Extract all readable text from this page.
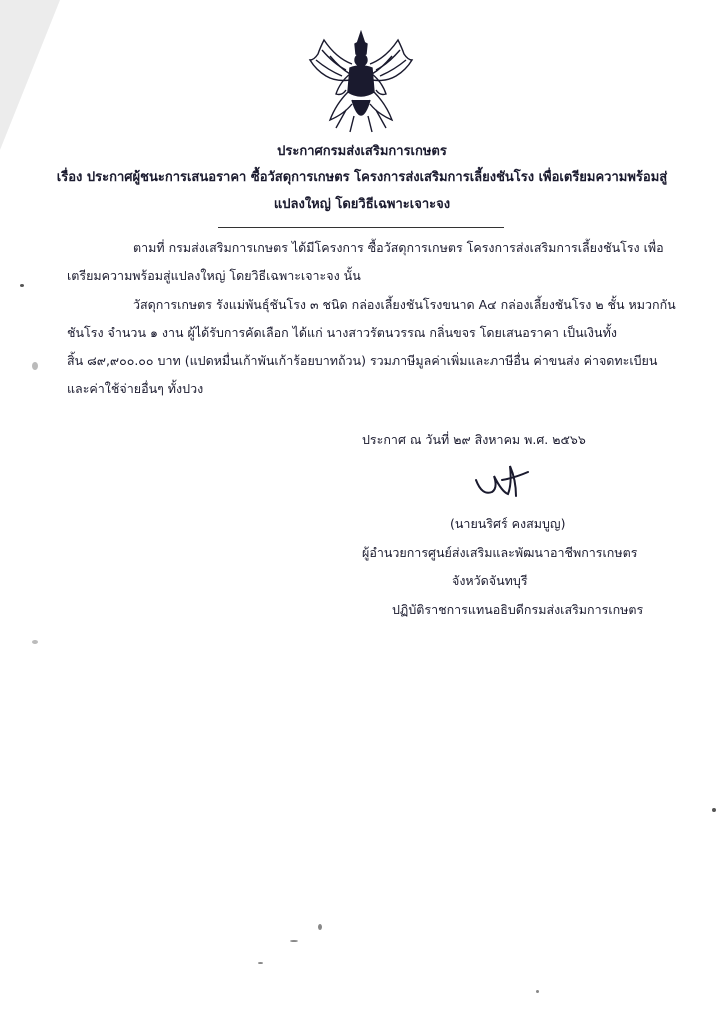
ประกาศกรมส่งเสริมการเกษตร
เรื่อง ประกาศผู้ชนะการเสนอราคา ซื้อวัสดุการเกษตร โครงการส่งเสริมการเลี้ยงชันโรง เพื่อเตรียมความพร้อมสู่
แปลงใหญ่ โดยวิธีเฉพาะเจาะจง
ตามที่ กรมส่งเสริมการเกษตร ได้มีโครงการ ซื้อวัสดุการเกษตร โครงการส่งเสริมการเลี้ยงชันโรง เพื่อ
เตรียมความพร้อมสู่แปลงใหญ่ โดยวิธีเฉพาะเจาะจง นั้น
วัสดุการเกษตร รังแม่พันธุ์ชันโรง ๓ ชนิด กล่องเลี้ยงชันโรงขนาด A๔ กล่องเลี้ยงชันโรง ๒ ชั้น หมวกกัน
ชันโรง จำนวน ๑ งาน ผู้ได้รับการคัดเลือก ได้แก่ นางสาวรัตนวรรณ กลิ่นขจร โดยเสนอราคา เป็นเงินทั้ง
สิ้น ๘๙,๙๐๐.๐๐ บาท (แปดหมื่นเก้าพันเก้าร้อยบาทถ้วน) รวมภาษีมูลค่าเพิ่มและภาษีอื่น ค่าขนส่ง ค่าจดทะเบียน
และค่าใช้จ่ายอื่นๆ ทั้งปวง
ประกาศ ณ วันที่ ๒๙ สิงหาคม พ.ศ. ๒๕๖๖
(นายนริศร์ คงสมบูญ)
ผู้อำนวยการศูนย์ส่งเสริมและพัฒนาอาชีพการเกษตร
จังหวัดจันทบุรี
ปฏิบัติราชการแทนอธิบดีกรมส่งเสริมการเกษตร
